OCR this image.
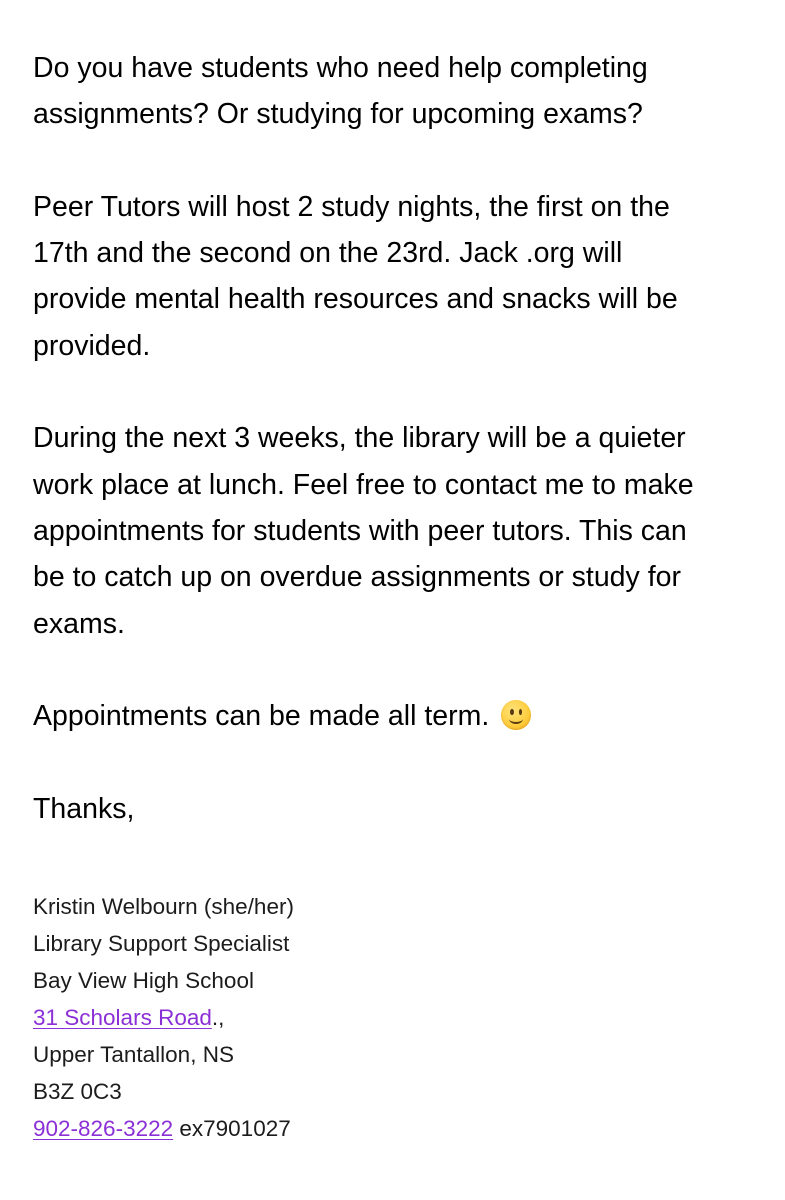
Do you have students who need help completing
assignments? Or studying for upcoming exams?

Peer Tutors will host 2 study nights, the first on the
17th and the second on the 23rd. Jack .org will
provide mental health resources and snacks will be
provided.

During the next 3 weeks, the library will be a quieter
work place at lunch. Feel free to contact me to make
appointments for students with peer tutors. This can
be to catch up on overdue assignments or study for
exams.

Appointments can be made all term.

Thanks,

Kristin Welbourn (she/her)
Library Support Specialist
Bay View High School
31 Scholars Road.,
Upper Tantallon, NS
B3Z 0C3
902-826-3222 ex7901027
